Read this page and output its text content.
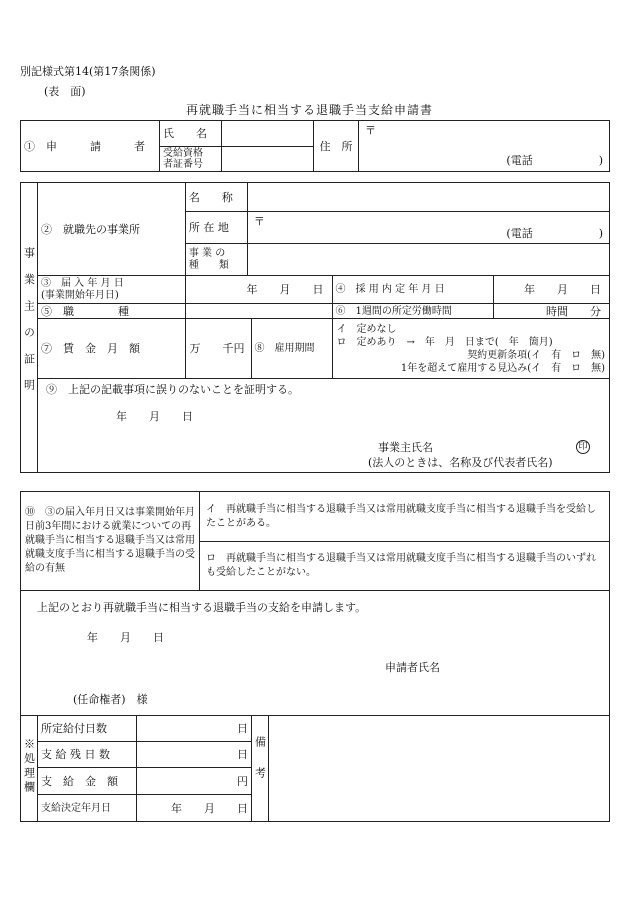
別記様式第14(第17条関係)
(表　面)
再就職手当に相当する退職手当支給申請書
①　申　　　請　　　者	氏　　名		住　所	〒
(電話　　　　　　)

	受給資格
者証番号			

事業主の証明	②　就職先の事業所	名　　称				
		所 在 地	〒
(電話　　　　　　)			

		事 業 の
種　　類				

	③　届 入 年 月 日
(事業開始年月日)	年　　月　　日			④　採 用 内 定 年 月 日	年　　月　　日
	⑤　職　　　　種				⑥　1週間の所定労働時間	時間　　分
	⑦　賃　金　月　額	万　　千円		⑧　雇用期間	イ　定めなし
ロ　定めあり　→　年　月　日まで(　年　箇月)
契約更新条項(イ　有　ロ　無)
1年を超えて雇用する見込み(イ　有　ロ　無)	

	⑨　上記の記載事項に誤りのないことを証明する。
年　　月　　日
事業主氏名 印
(法人のときは、名称及び代表者氏名)					
⑩　③の届入年月日又は事業開始年月日前3年間における就業についての再就職手当に相当する退職手当又は常用就職支度手当に相当する退職手当の受給の有無	イ　再就職手当に相当する退職手当又は常用就職支度手当に相当する退職手当を受給したことがある。
ロ　再就職手当に相当する退職手当又は常用就職支度手当に相当する退職手当のいずれも受給したことがない。
上記のとおり再就職手当に相当する退職手当の支給を申請します。
年　　月　　日
申請者氏名
(任命権者)　様
※処理欄	所定給付日数	日	備考	
	支 給 残 日 数	日		
	支　給　金　額	円		
	支給決定年月日	年　　月　　日		
